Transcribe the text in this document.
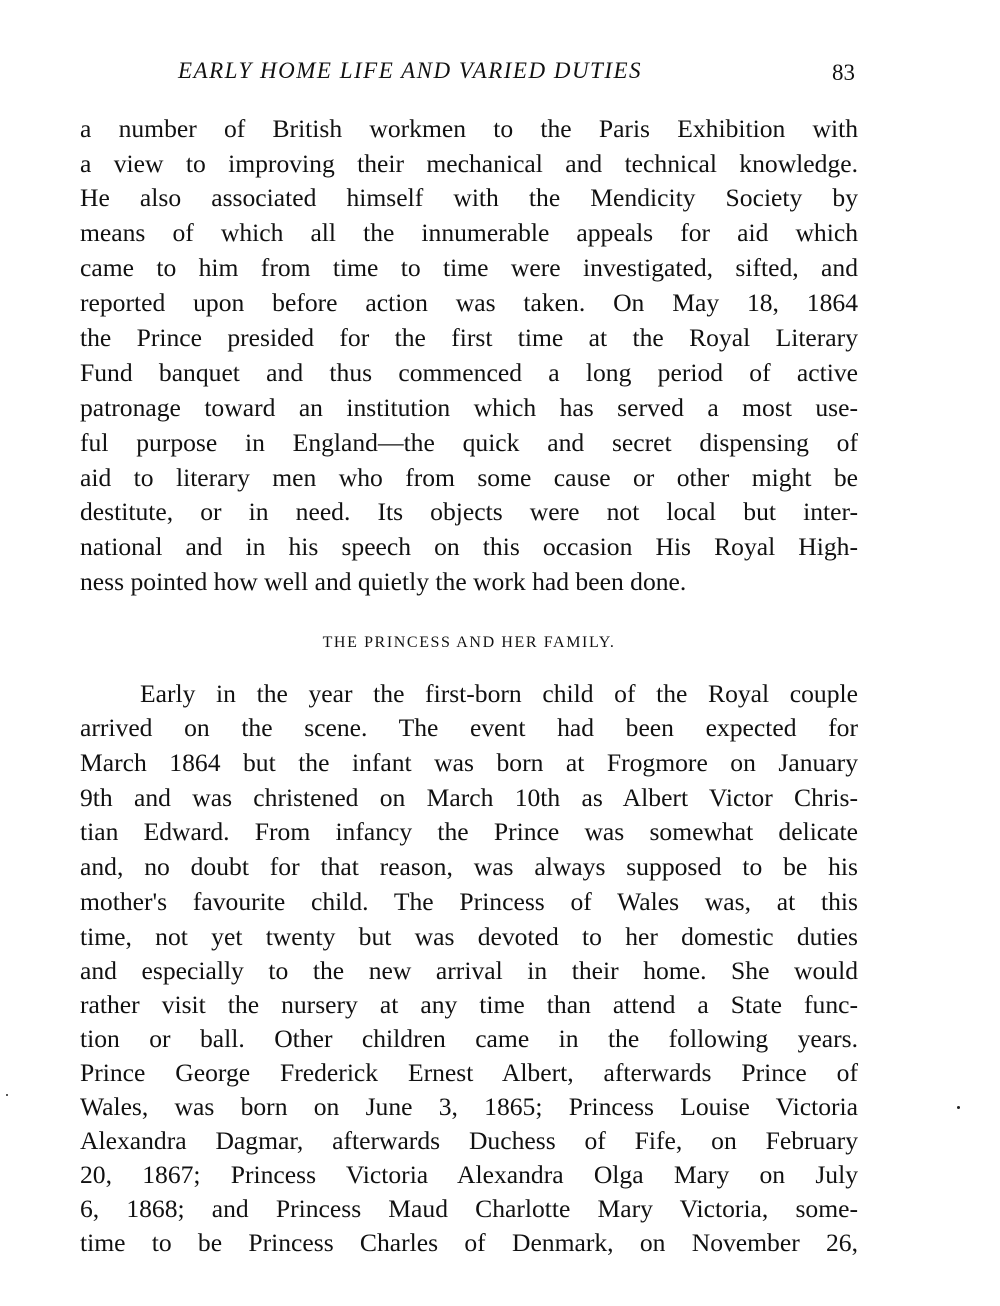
EARLY HOME LIFE AND VARIED DUTIES	83
a number of British workmen to the Paris Exhibition with
a view to improving their mechanical and technical knowledge.
He also associated himself with the Mendicity Society by
means of which all the innumerable appeals for aid which
came to him from time to time were investigated, sifted, and
reported upon before action was taken. On May 18, 1864
the Prince presided for the first time at the Royal Literary
Fund banquet and thus commenced a long period of active
patronage toward an institution which has served a most use-
ful purpose in England—the quick and secret dispensing of
aid to literary men who from some cause or other might be
destitute, or in need. Its objects were not local but inter-
national and in his speech on this occasion His Royal High-
ness pointed how well and quietly the work had been done.
THE PRINCESS AND HER FAMILY.
Early in the year the first-born child of the Royal couple
arrived on the scene. The event had been expected for
March 1864 but the infant was born at Frogmore on January
9th and was christened on March 10th as Albert Victor Chris-
tian Edward. From infancy the Prince was somewhat delicate
and, no doubt for that reason, was always supposed to be his
mother's favourite child. The Princess of Wales was, at this
time, not yet twenty but was devoted to her domestic duties
and especially to the new arrival in their home. She would
rather visit the nursery at any time than attend a State func-
tion or ball. Other children came in the following years.
Prince George Frederick Ernest Albert, afterwards Prince of
Wales, was born on June 3, 1865; Princess Louise Victoria
Alexandra Dagmar, afterwards Duchess of Fife, on February
20, 1867; Princess Victoria Alexandra Olga Mary on July
6, 1868; and Princess Maud Charlotte Mary Victoria, some-
time to be Princess Charles of Denmark, on November 26,
